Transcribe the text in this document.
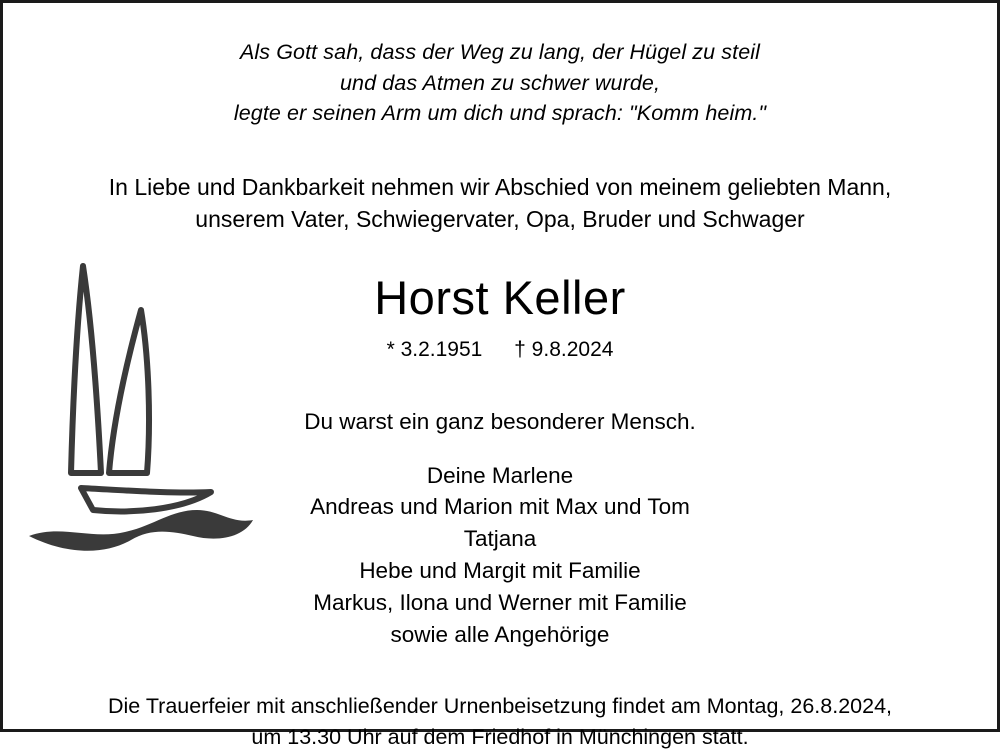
Als Gott sah, dass der Weg zu lang, der Hügel zu steil
und das Atmen zu schwer wurde,
legte er seinen Arm um dich und sprach: "Komm heim."
In Liebe und Dankbarkeit nehmen wir Abschied von meinem geliebten Mann,
unserem Vater, Schwiegervater, Opa, Bruder und Schwager
Horst Keller
* 3.2.1951 † 9.8.2024
Du warst ein ganz besonderer Mensch.
Deine Marlene
Andreas und Marion mit Max und Tom
Tatjana
Hebe und Margit mit Familie
Markus, Ilona und Werner mit Familie
sowie alle Angehörige
Die Trauerfeier mit anschließender Urnenbeisetzung findet am Montag, 26.8.2024,
um 13.30 Uhr auf dem Friedhof in Münchingen statt.
